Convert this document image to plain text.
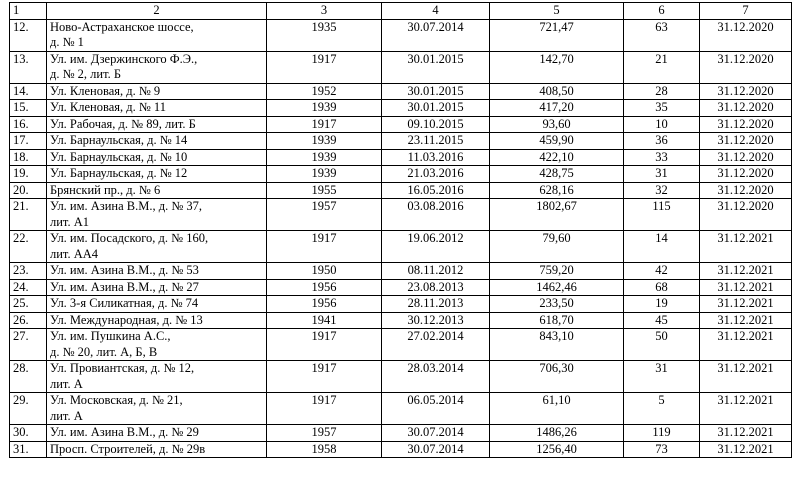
1	2	3	4	5	6	7
12.	Ново-Астраханское шоссе,
д. № 1	1935	30.07.2014	721,47	63	31.12.2020
13.	Ул. им. Дзержинского Ф.Э.,
д. № 2, лит. Б	1917	30.01.2015	142,70	21	31.12.2020
14.	Ул. Кленовая, д. № 9	1952	30.01.2015	408,50	28	31.12.2020
15.	Ул. Кленовая, д. № 11	1939	30.01.2015	417,20	35	31.12.2020
16.	Ул. Рабочая, д. № 89, лит. Б	1917	09.10.2015	93,60	10	31.12.2020
17.	Ул. Барнаульская, д. № 14	1939	23.11.2015	459,90	36	31.12.2020
18.	Ул. Барнаульская, д. № 10	1939	11.03.2016	422,10	33	31.12.2020
19.	Ул. Барнаульская, д. № 12	1939	21.03.2016	428,75	31	31.12.2020
20.	Брянский пр., д. № 6	1955	16.05.2016	628,16	32	31.12.2020
21.	Ул. им. Азина В.М., д. № 37,
лит. А1	1957	03.08.2016	1802,67	115	31.12.2020
22.	Ул. им. Посадского, д. № 160,
лит. АА4	1917	19.06.2012	79,60	14	31.12.2021
23.	Ул. им. Азина В.М., д. № 53	1950	08.11.2012	759,20	42	31.12.2021
24.	Ул. им. Азина В.М., д. № 27	1956	23.08.2013	1462,46	68	31.12.2021
25.	Ул. 3-я Силикатная, д. № 74	1956	28.11.2013	233,50	19	31.12.2021
26.	Ул. Международная, д. № 13	1941	30.12.2013	618,70	45	31.12.2021
27.	Ул. им. Пушкина А.С.,
д. № 20, лит. А, Б, В	1917	27.02.2014	843,10	50	31.12.2021
28.	Ул. Провиантская, д. № 12,
лит. А	1917	28.03.2014	706,30	31	31.12.2021
29.	Ул. Московская, д. № 21,
лит. А	1917	06.05.2014	61,10	5	31.12.2021
30.	Ул. им. Азина В.М., д. № 29	1957	30.07.2014	1486,26	119	31.12.2021
31.	Просп. Строителей, д. № 29в	1958	30.07.2014	1256,40	73	31.12.2021
